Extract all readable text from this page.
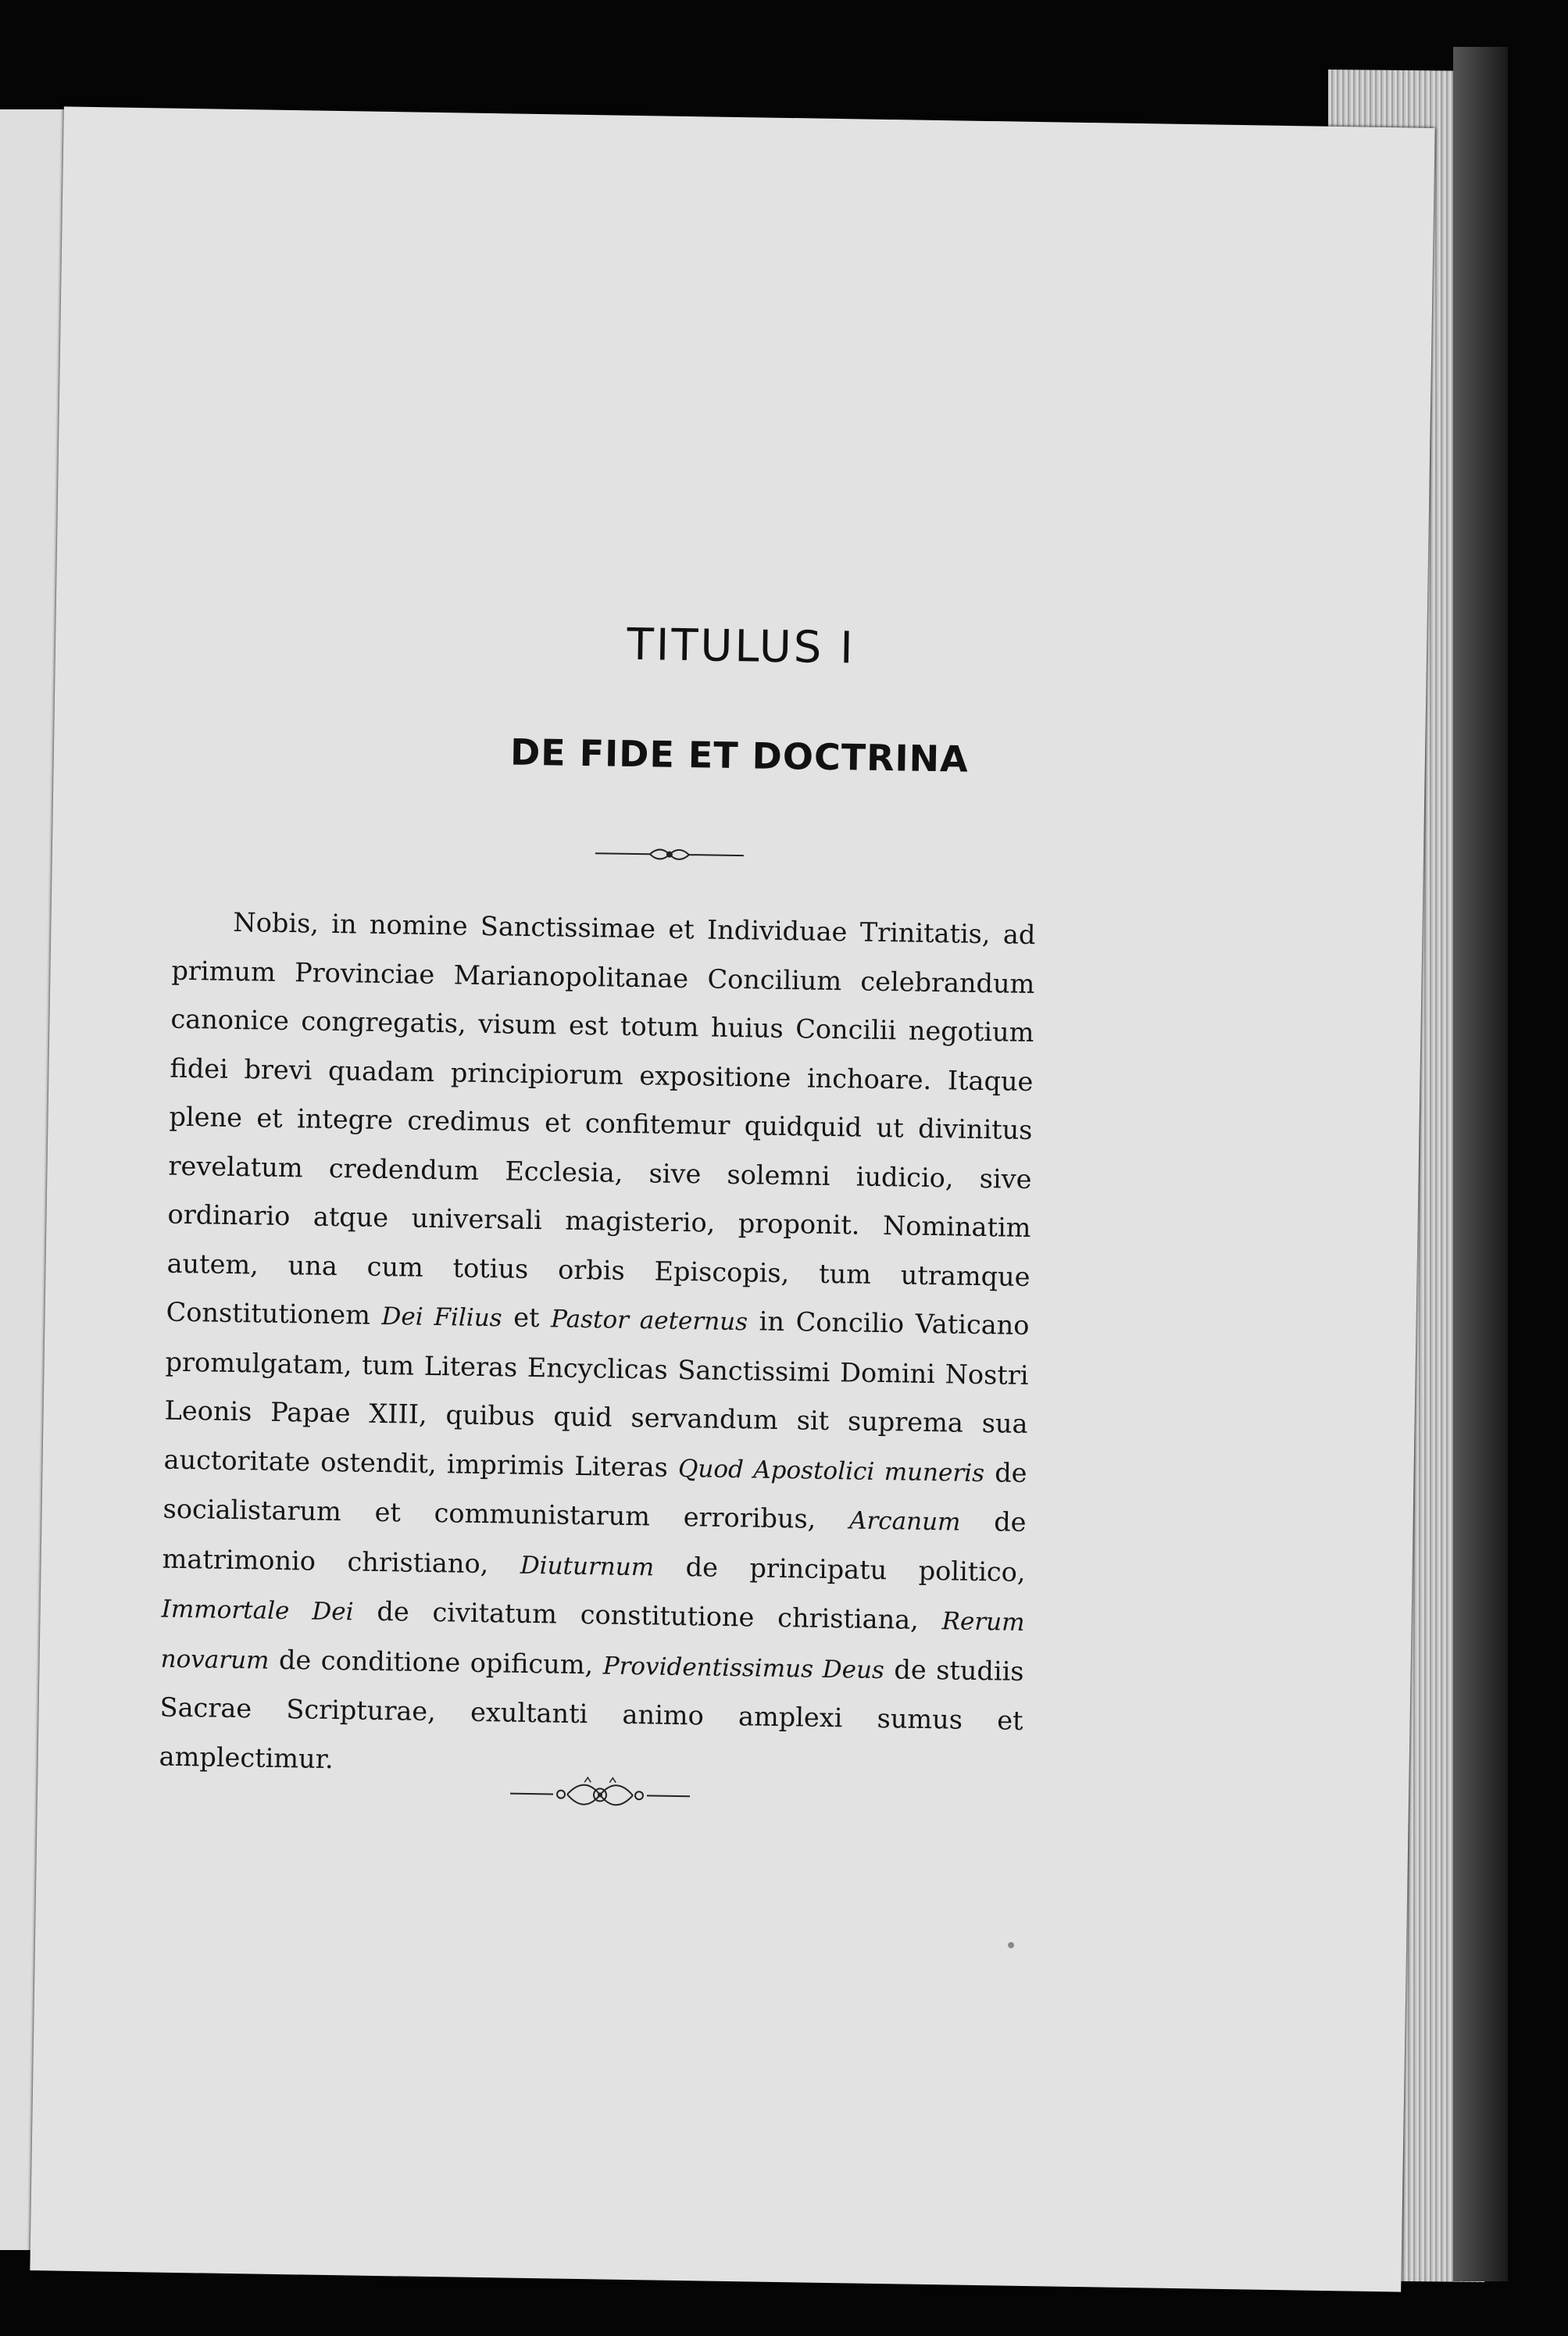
TITULUS I
DE FIDE ET DOCTRINA

Nobis, in nomine Sanctissimae et Individuae Trinitatis, ad primum Provinciae Marianopolitanae Concilium celebrandum canonice congregatis, visum est totum huius Concilii negotium fidei brevi quadam principiorum expositione inchoare. Itaque plene et integre credimus et confitemur quidquid ut divinitus revelatum credendum Ecclesia, sive solemni iudicio, sive ordinario atque universali magisterio, proponit. Nominatim autem, una cum totius orbis Episcopis, tum utramque Constitutionem Dei Filius et Pastor aeternus in Concilio Vaticano promulgatam, tum Literas Encyclicas Sanctissimi Domini Nostri Leonis Papae XIII, quibus quid servandum sit suprema sua auctoritate ostendit, imprimis Literas Quod Apostolici muneris de socialistarum et communistarum erroribus, Arcanum de matrimonio christiano, Diuturnum de principatu politico, Immortale Dei de civitatum constitutione christiana, Rerum novarum de conditione opificum, Providentissimus Deus de studiis Sacrae Scripturae, exultanti animo amplexi sumus et amplectimur.
